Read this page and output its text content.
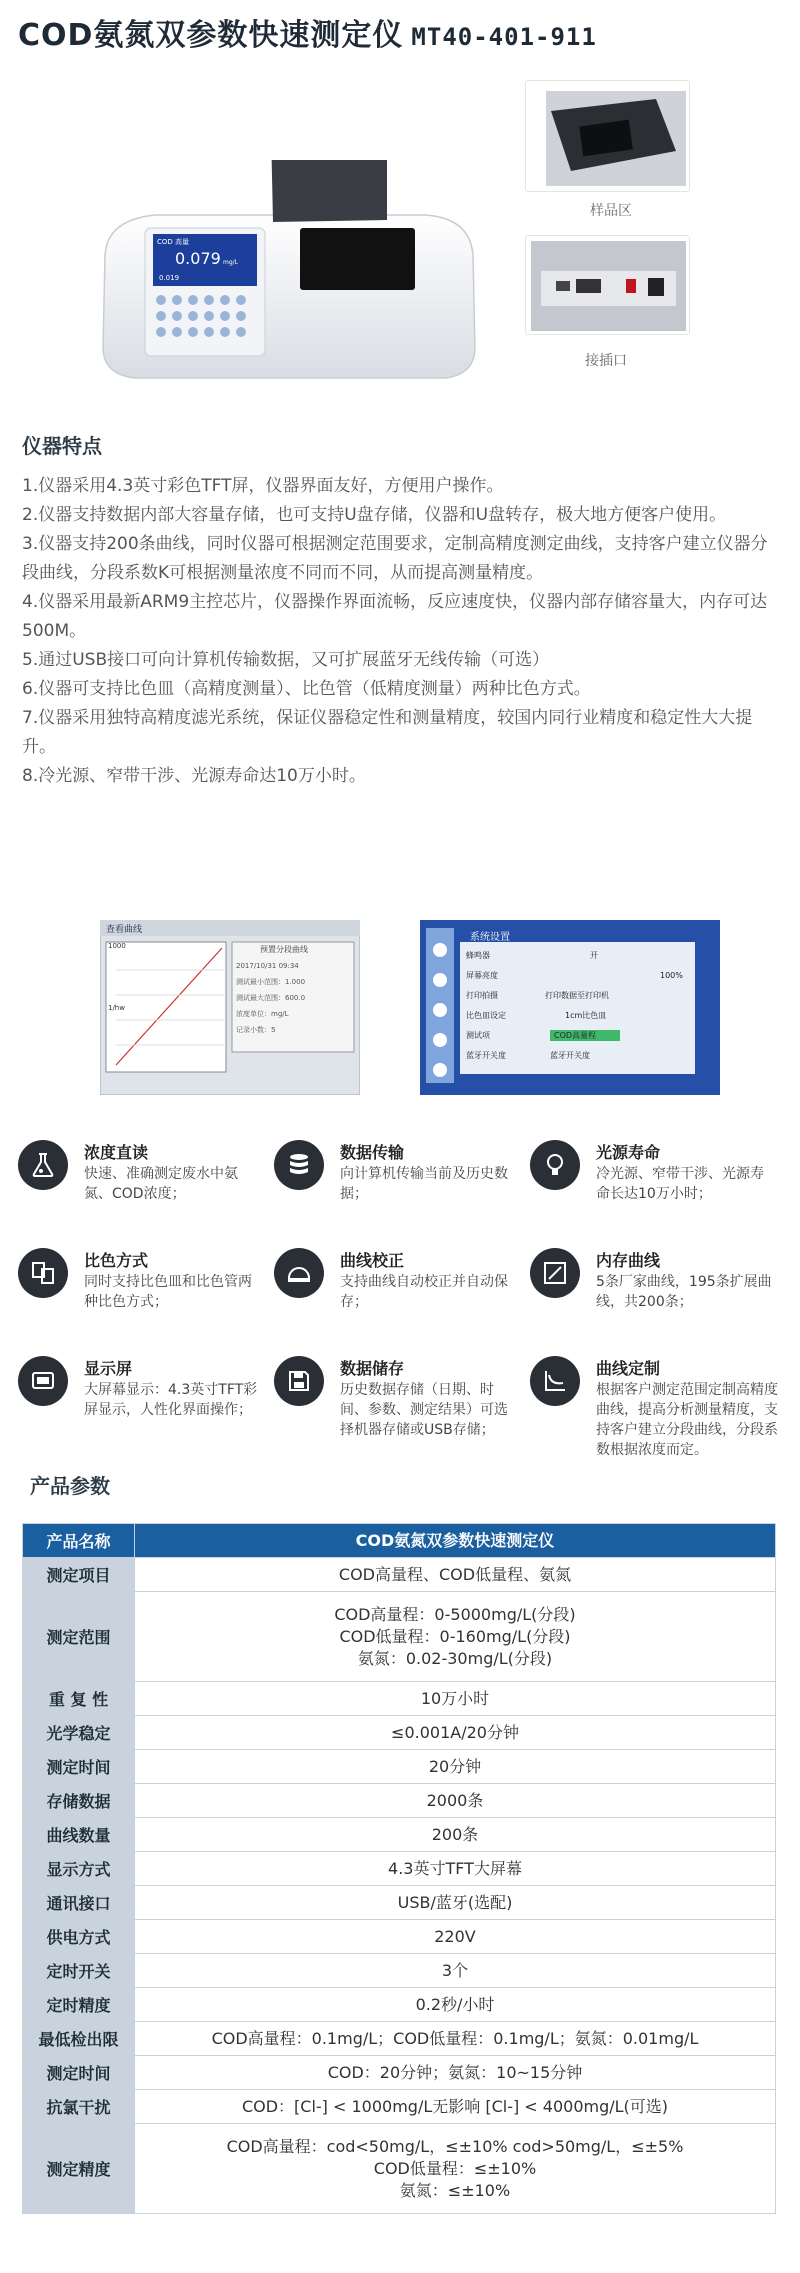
COD氨氮双参数快速测定仪 MT40-401-911
COD 高量
0.079 mg/L
0.019
样品区
接插口
仪器特点

1.仪器采用4.3英寸彩色TFT屏，仪器界面友好，方便用户操作。

2.仪器支持数据内部大容量存储，也可支持U盘存储，仪器和U盘转存，极大地方便客户使用。

3.仪器支持200条曲线，同时仪器可根据测定范围要求，定制高精度测定曲线，支持客户建立仪器分段曲线，分段系数K可根据测量浓度不同而不同，从而提高测量精度。

4.仪器采用最新ARM9主控芯片，仪器操作界面流畅，反应速度快，仪器内部存储容量大，内存可达500M。

5.通过USB接口可向计算机传输数据，又可扩展蓝牙无线传输（可选）

6.仪器可支持比色皿（高精度测量）、比色管（低精度测量）两种比色方式。

7.仪器采用独特高精度滤光系统，保证仪器稳定性和测量精度，较国内同行业精度和稳定性大大提升。

8.冷光源、窄带干涉、光源寿命达10万小时。

查看曲线
1000
1/hw
预置分段曲线
2017/10/31 09:34
测试最小范围：1.000
测试最大范围：600.0
浓度单位：mg/L
记录小数：5
系统设置
蜂鸣器	开
屏幕亮度	100%
打印拍摄	打印数据至打印机
比色皿设定	1cm比色皿
测试项	COD高量程
蓝牙开关度	蓝牙开关度
浓度直读
快速、准确测定废水中氨氮、COD浓度；
数据传输
向计算机传输当前及历史数据；
光源寿命
冷光源、窄带干涉、光源寿命长达10万小时；
比色方式
同时支持比色皿和比色管两种比色方式；
曲线校正
支持曲线自动校正并自动保存；
内存曲线
5条厂家曲线，195条扩展曲线，共200条；
显示屏
大屏幕显示：4.3英寸TFT彩屏显示，人性化界面操作；
数据储存
历史数据存储（日期、时间、参数、测定结果）可选择机器存储或USB存储；
曲线定制
根据客户测定范围定制高精度曲线，提高分析测量精度，支持客户建立分段曲线，分段系数根据浓度而定。
产品参数
产品名称	COD氨氮双参数快速测定仪
测定项目	COD高量程、COD低量程、氨氮
测定范围	COD高量程：0-5000mg/L(分段)
COD低量程：0-160mg/L(分段)
氨氮：0.02-30mg/L(分段)
重 复 性	10万小时
光学稳定	≤0.001A/20分钟
测定时间	20分钟
存储数据	2000条
曲线数量	200条
显示方式	4.3英寸TFT大屏幕
通讯接口	USB/蓝牙(选配)
供电方式	220V
定时开关	3个
定时精度	0.2秒/小时
最低检出限	COD高量程：0.1mg/L；COD低量程：0.1mg/L；氨氮：0.01mg/L
测定时间	COD：20分钟；氨氮：10~15分钟
抗氯干扰	COD：[Cl-] < 1000mg/L无影响 [Cl-] < 4000mg/L(可选)
测定精度	COD高量程：cod<50mg/L，≤±10% cod>50mg/L，≤±5%
COD低量程：≤±10%
氨氮：≤±10%
